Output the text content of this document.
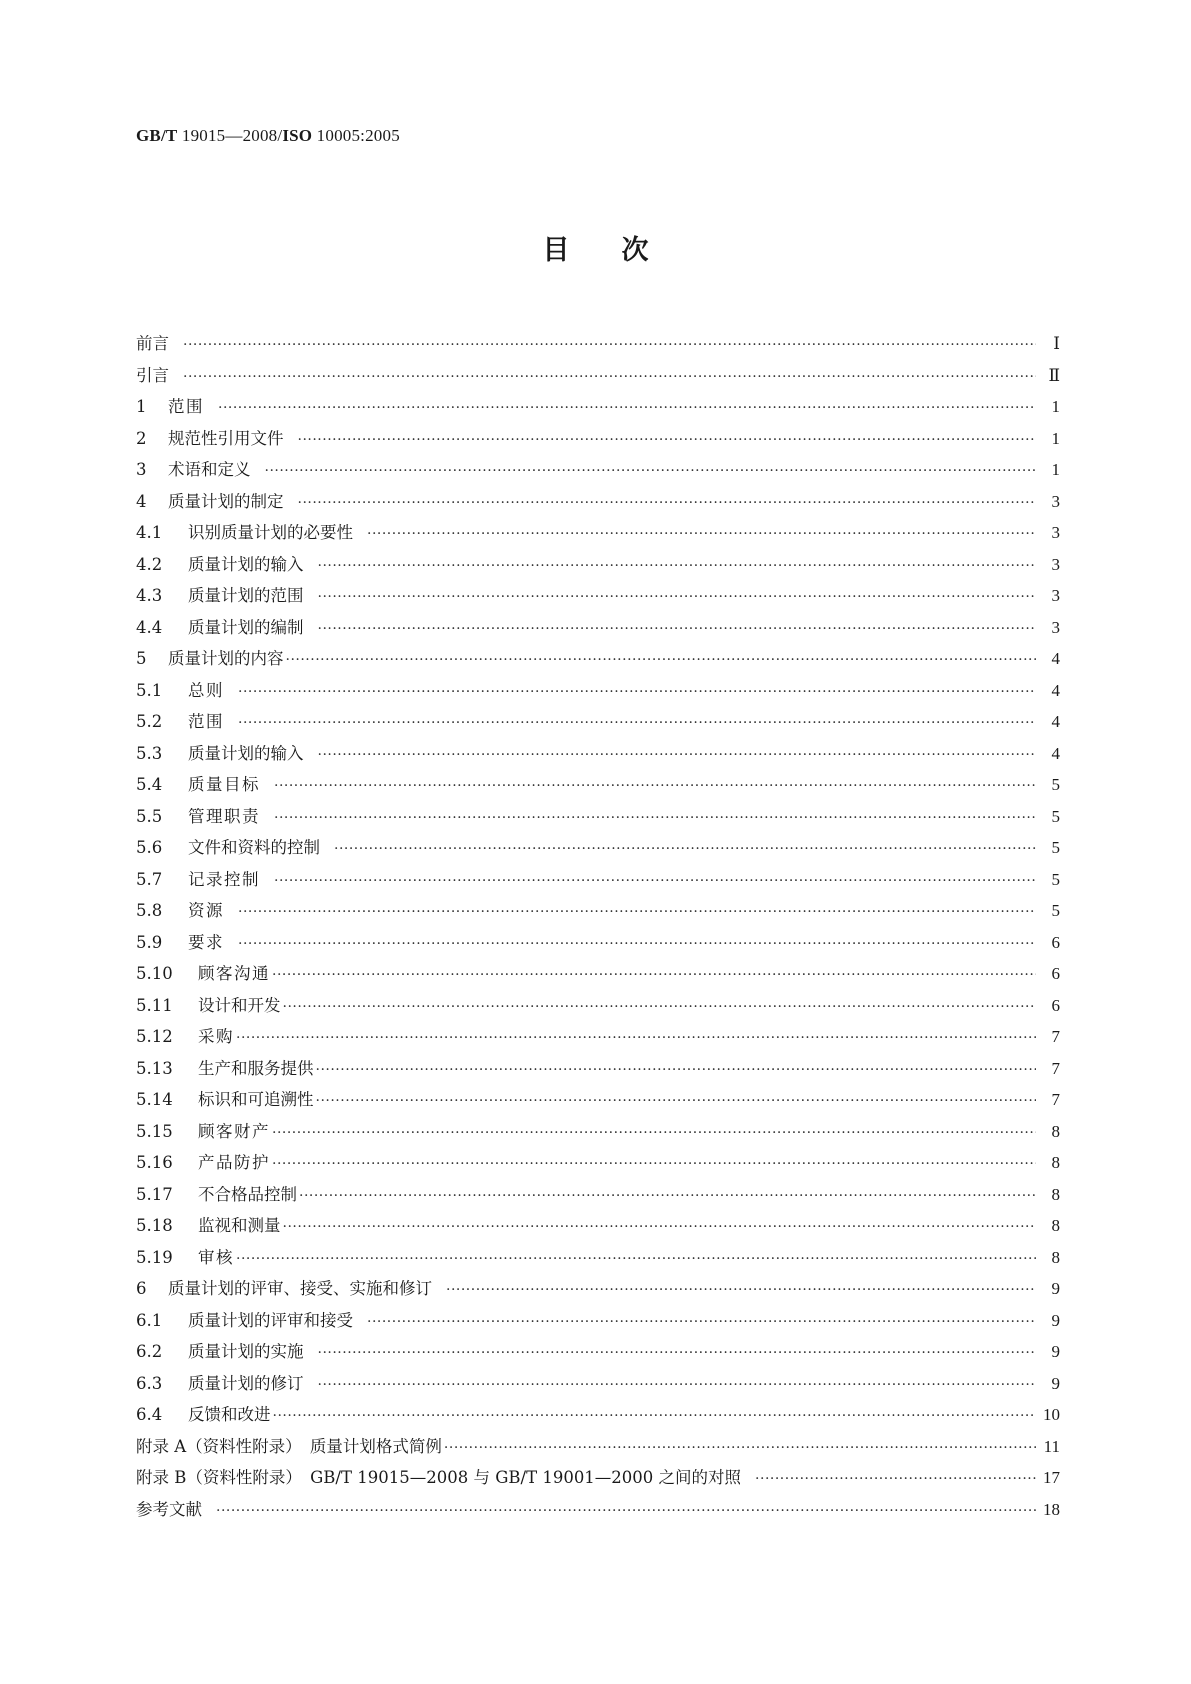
GB/T 19015—2008/ISO 10005:2005
目次
前言 ·····	Ⅰ
引言 ·····	Ⅱ
1	范围 ·····	1
2	规范性引用文件 ·····	1
3	术语和定义 ·····	1
4	质量计划的制定 ·····	3
4.1	识别质量计划的必要性 ·····	3
4.2	质量计划的输入 ·····	3
4.3	质量计划的范围 ·····	3
4.4	质量计划的编制 ·····	3
5	质量计划的内容 ·····	4
5.1	总则 ·····	4
5.2	范围 ·····	4
5.3	质量计划的输入 ·····	4
5.4	质量目标 ·····	5
5.5	管理职责 ·····	5
5.6	文件和资料的控制 ·····	5
5.7	记录控制 ·····	5
5.8	资源 ·····	5
5.9	要求 ·····	6
5.10	顾客沟通 ·····	6
5.11	设计和开发 ·····	6
5.12	采购 ·····	7
5.13	生产和服务提供 ·····	7
5.14	标识和可追溯性 ·····	7
5.15	顾客财产 ·····	8
5.16	产品防护 ·····	8
5.17	不合格品控制 ·····	8
5.18	监视和测量 ·····	8
5.19	审核 ·····	8
6	质量计划的评审、接受、实施和修订 ·····	9
6.1	质量计划的评审和接受 ·····	9
6.2	质量计划的实施 ·····	9
6.3	质量计划的修订 ·····	9
6.4	反馈和改进 ·····	10
附录 A（资料性附录）　质量计划格式简例 ·····	11
附录 B（资料性附录）　GB/T 19015—2008 与 GB/T 19001—2000 之间的对照 ·····	17
参考文献 ·····	18
